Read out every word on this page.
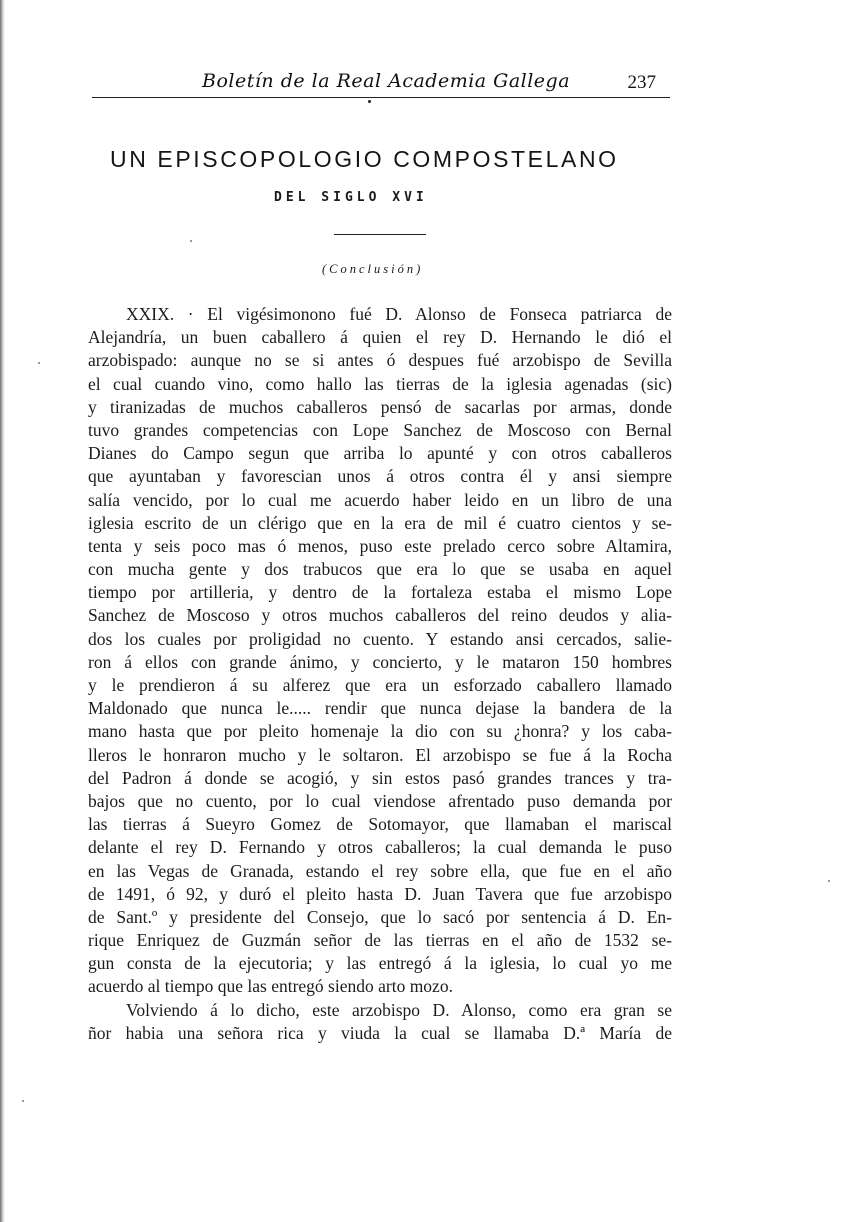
Boletín de la Real Academia Gallega	237
UN EPISCOPOLOGIO COMPOSTELANO
DEL SIGLO XVI
(Conclusión)
XXIX. · El vigésimonono fué D. Alonso de Fonseca patriarca de
Alejandría, un buen caballero á quien el rey D. Hernando le dió el
arzobispado: aunque no se si antes ó despues fué arzobispo de Sevilla
el cual cuando vino, como hallo las tierras de la iglesia agenadas (sic)
y tiranizadas de muchos caballeros pensó de sacarlas por armas, donde
tuvo grandes competencias con Lope Sanchez de Moscoso con Bernal
Dianes do Campo segun que arriba lo apunté y con otros caballeros
que ayuntaban y favorescian unos á otros contra él y ansi siempre
salía vencido, por lo cual me acuerdo haber leido en un libro de una
iglesia escrito de un clérigo que en la era de mil é cuatro cientos y se-
tenta y seis poco mas ó menos, puso este prelado cerco sobre Altamira,
con mucha gente y dos trabucos que era lo que se usaba en aquel
tiempo por artilleria, y dentro de la fortaleza estaba el mismo Lope
Sanchez de Moscoso y otros muchos caballeros del reino deudos y alia-
dos los cuales por proligidad no cuento. Y estando ansi cercados, salie-
ron á ellos con grande ánimo, y concierto, y le mataron 150 hombres
y le prendieron á su alferez que era un esforzado caballero llamado
Maldonado que nunca le..... rendir que nunca dejase la bandera de la
mano hasta que por pleito homenaje la dio con su ¿honra? y los caba-
lleros le honraron mucho y le soltaron. El arzobispo se fue á la Rocha
del Padron á donde se acogió, y sin estos pasó grandes trances y tra-
bajos que no cuento, por lo cual viendose afrentado puso demanda por
las tierras á Sueyro Gomez de Sotomayor, que llamaban el mariscal
delante el rey D. Fernando y otros caballeros; la cual demanda le puso
en las Vegas de Granada, estando el rey sobre ella, que fue en el año
de 1491, ó 92, y duró el pleito hasta D. Juan Tavera que fue arzobispo
de Sant.º y presidente del Consejo, que lo sacó por sentencia á D. En-
rique Enriquez de Guzmán señor de las tierras en el año de 1532 se-
gun consta de la ejecutoria; y las entregó á la iglesia, lo cual yo me
acuerdo al tiempo que las entregó siendo arto mozo.
Volviendo á lo dicho, este arzobispo D. Alonso, como era gran se
ñor habia una señora rica y viuda la cual se llamaba D.ª María de
